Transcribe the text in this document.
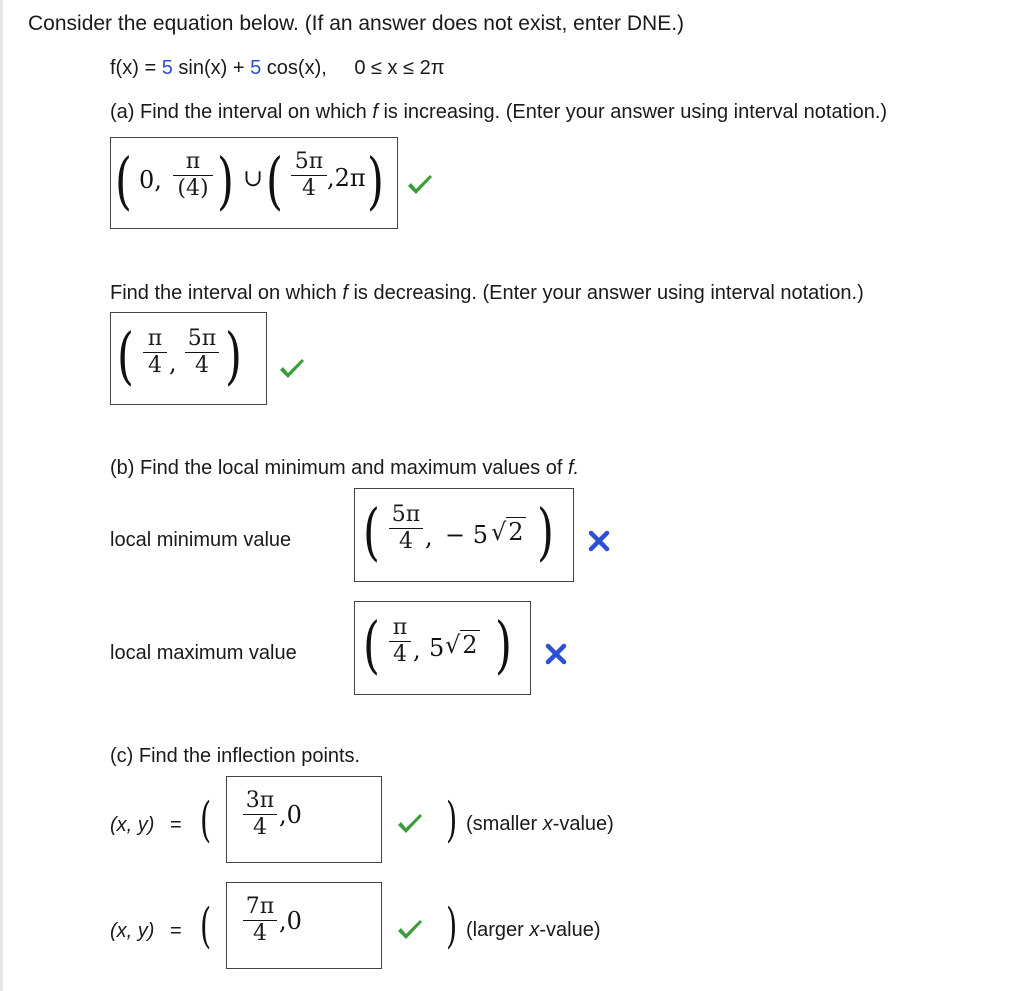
Consider the equation below. (If an answer does not exist, enter DNE.)
f(x) = 5 sin(x) + 5 cos(x), 0 ≤ x ≤ 2π
(a) Find the interval on which f is increasing. (Enter your answer using interval notation.)
( 0,
π
(4) ) ∪ ( 5π
4 ,2π )
Find the interval on which f is decreasing. (Enter your answer using interval notation.)
( π
4 ,
5π
4 )
(b) Find the local minimum and maximum values of f.
local minimum value ( 5π
4 , − 5 √2 )
local maximum value ( π
4 , 5 √2 )
(c) Find the inflection points.
(x, y) = ( 3π
4 ,0	) (smaller x-value)
(x, y) = ( 7π
4 ,0	) (larger x-value)
